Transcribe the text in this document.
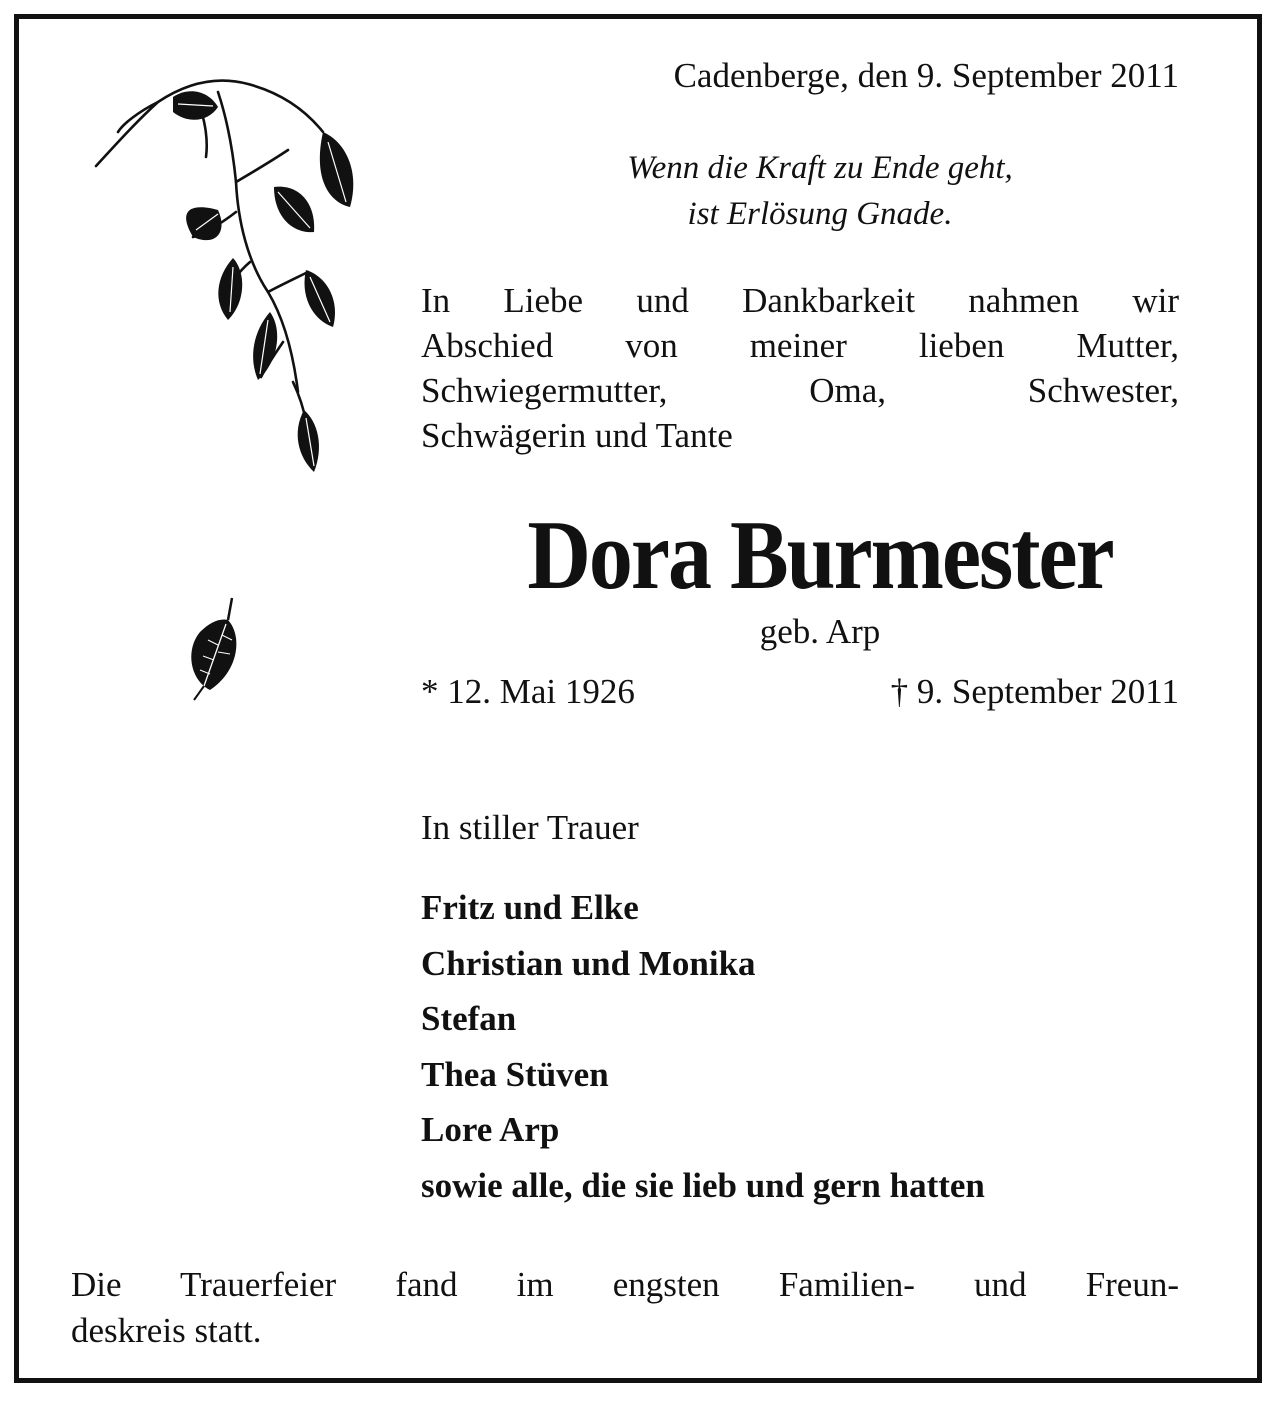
Cadenberge, den 9. September 2011
Wenn die Kraft zu Ende geht,
ist Erlösung Gnade.
In Liebe und Dankbarkeit nahmen wir
Abschied von meiner lieben Mutter,
Schwiegermutter, Oma, Schwester,
Schwägerin und Tante
Dora Burmester
geb. Arp
* 12. Mai 1926	† 9. September 2011
In stiller Trauer
Fritz und Elke
Christian und Monika
Stefan
Thea Stüven
Lore Arp
sowie alle, die sie lieb und gern hatten
Die Trauerfeier fand im engsten Familien- und Freun-
deskreis statt.
